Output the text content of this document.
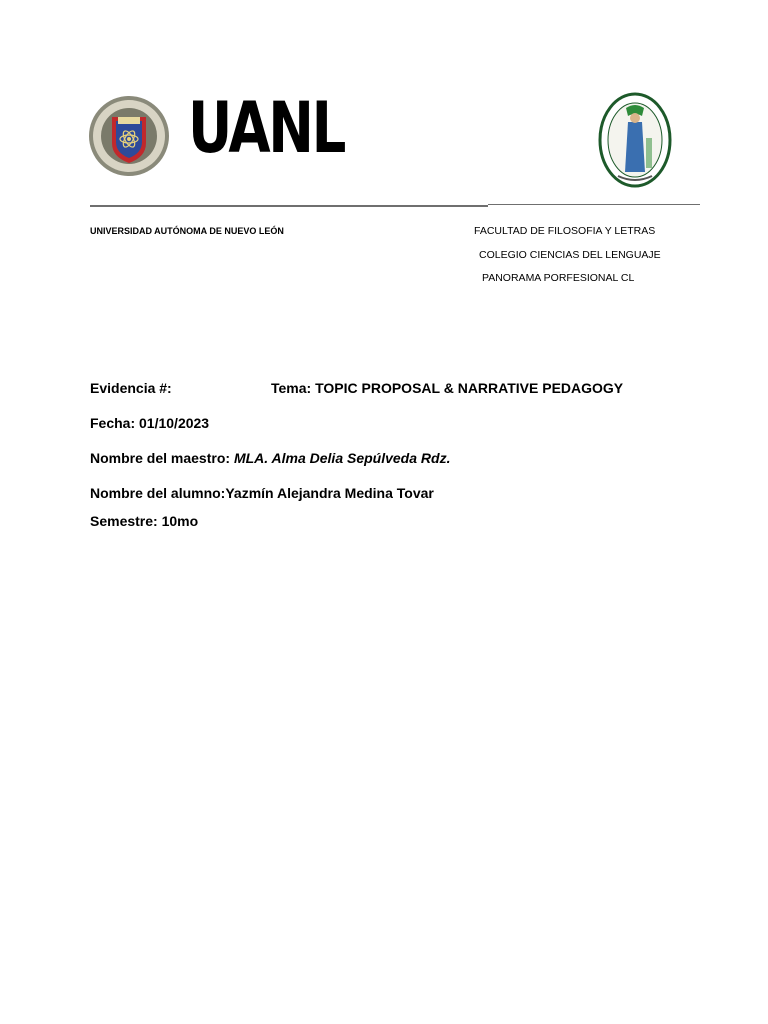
UANL
UNIVERSIDAD AUTÓNOMA DE NUEVO LEÓN	FACULTAD DE FILOSOFIA Y LETRAS
COLEGIO CIENCIAS DEL LENGUAJE
PANORAMA PORFESIONAL CL
Evidencia #:	Tema: TOPIC PROPOSAL & NARRATIVE PEDAGOGY
Fecha: 01/10/2023
Nombre del maestro: MLA. Alma Delia Sepúlveda Rdz.
Nombre del alumno:Yazmín Alejandra Medina Tovar
Semestre: 10mo
